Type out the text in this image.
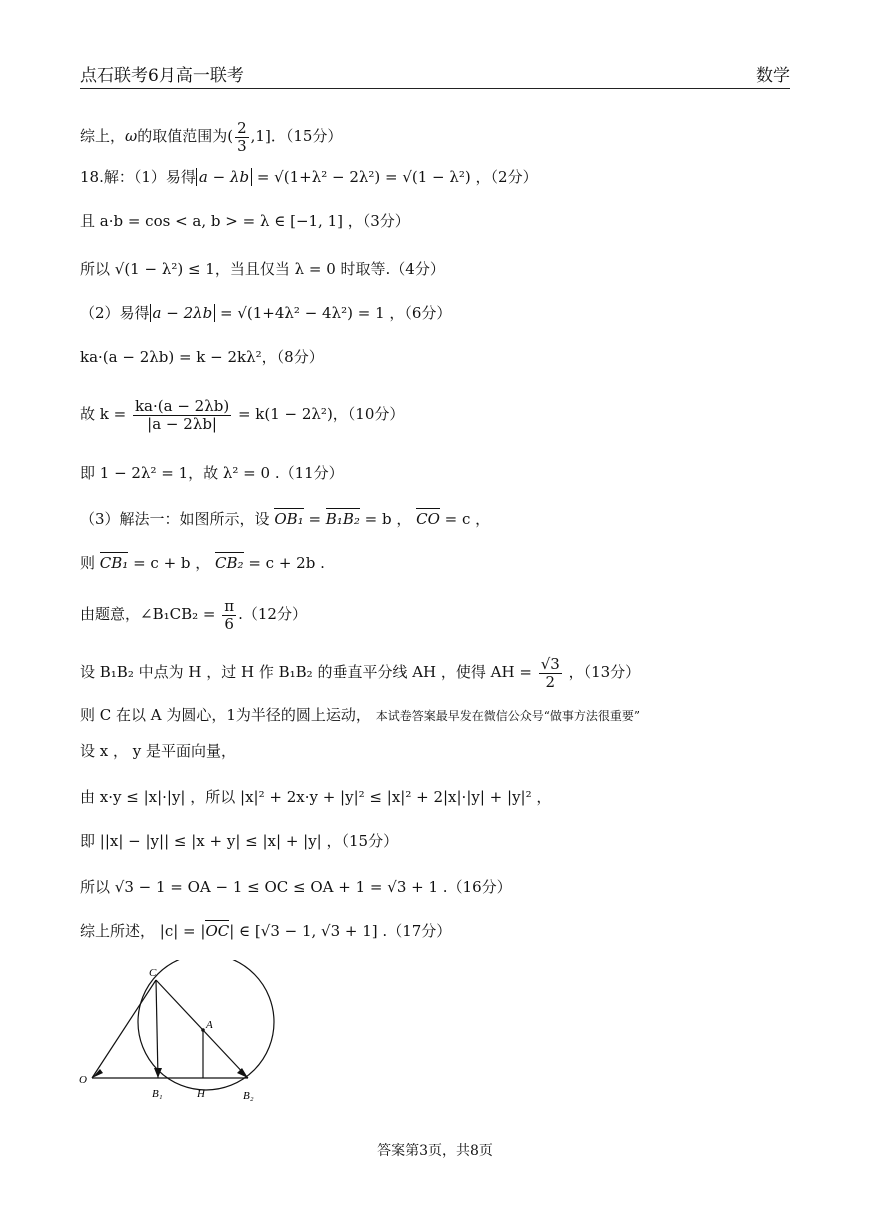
点石联考6月高一联考	数学
综上，ω的取值范围为( $\frac{2}{3} ,1$]．（15分）
18.解：（1）易得 a − λb = √(1+λ² − 2λ²) = √(1 − λ²) ，（2分）
且 a·b = cos < a, b > = λ ∈ [−1, 1] ，（3分）
所以 √(1 − λ²) ≤ 1，当且仅当 λ = 0 时取等.（4分）
（2）易得 a − 2λb = √(1+4λ² − 4λ²) = 1 ，（6分）
ka·(a − 2λb) = k − 2kλ²，（8分）
故 $k = \frac{ka\cdot(a - 2\lambda b)}{|a - 2\lambda b|} = k(1 - 2\lambda^2)$，（10分）
即 1 − 2λ² = 1，故 λ² = 0 .（11分）
（3）解法一：如图所示，设 OB₁ = B₁B₂ = b ， CO = c ，
则 CB₁ = c + b ， CB₂ = c + 2b .
由题意，∠B₁CB₂ = $\frac{\pi}{6} .(12$分）
设 B₁B₂ 中点为 H ，过 H 作 B₁B₂ 的垂直平分线 AH ，使得 AH = $\frac{√3}{2}$ ，（13分）
则 C 在以 A 为圆心，1为半径的圆上运动， 本试卷答案最早发在微信公众号“做事方法很重要”
设 x ， y 是平面向量，
由 x·y ≤ |x|·|y| ，所以 |x|² + 2x·y + |y|² ≤ |x|² + 2|x|·|y| + |y|² ，
即 ||x| − |y|| ≤ |x + y| ≤ |x| + |y| ，（15分）
所以 √3 − 1 = OA − 1 ≤ OC ≤ OA + 1 = √3 + 1 .（16分）
综上所述， |c| = |OC| ∈ [√3 − 1, √3 + 1] .（17分）
C
A
O
B₁	H	B₂
答案第3页，共8页
